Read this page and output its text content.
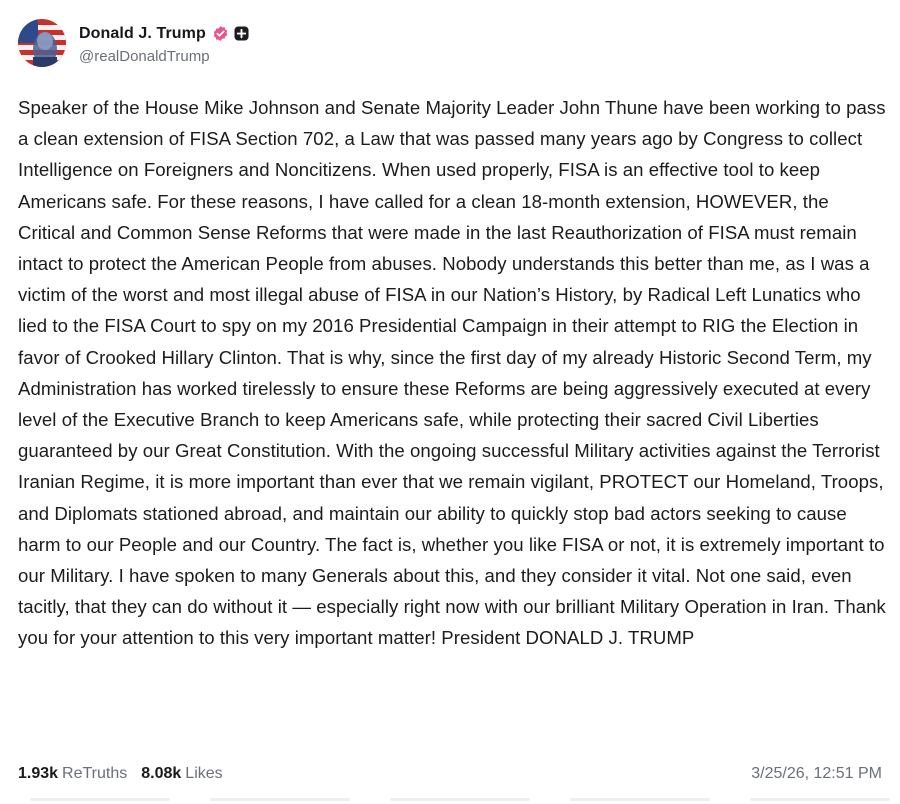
Donald J. Trump
@realDonaldTrump
Speaker of the House Mike Johnson and Senate Majority Leader John Thune have been working to pass a clean extension of FISA Section 702, a Law that was passed many years ago by Congress to collect Intelligence on Foreigners and Noncitizens. When used properly, FISA is an effective tool to keep Americans safe. For these reasons, I have called for a clean 18-month extension, HOWEVER, the Critical and Common Sense Reforms that were made in the last Reauthorization of FISA must remain intact to protect the American People from abuses. Nobody understands this better than me, as I was a victim of the worst and most illegal abuse of FISA in our Nation’s History, by Radical Left Lunatics who lied to the FISA Court to spy on my 2016 Presidential Campaign in their attempt to RIG the Election in favor of Crooked Hillary Clinton. That is why, since the first day of my already Historic Second Term, my Administration has worked tirelessly to ensure these Reforms are being aggressively executed at every level of the Executive Branch to keep Americans safe, while protecting their sacred Civil Liberties guaranteed by our Great Constitution. With the ongoing successful Military activities against the Terrorist Iranian Regime, it is more important than ever that we remain vigilant, PROTECT our Homeland, Troops, and Diplomats stationed abroad, and maintain our ability to quickly stop bad actors seeking to cause harm to our People and our Country. The fact is, whether you like FISA or not, it is extremely important to our Military. I have spoken to many Generals about this, and they consider it vital. Not one said, even tacitly, that they can do without it — especially right now with our brilliant Military Operation in Iran. Thank you for your attention to this very important matter! President DONALD J. TRUMP
1.93k ReTruths 8.08k Likes	3/25/26, 12:51 PM
